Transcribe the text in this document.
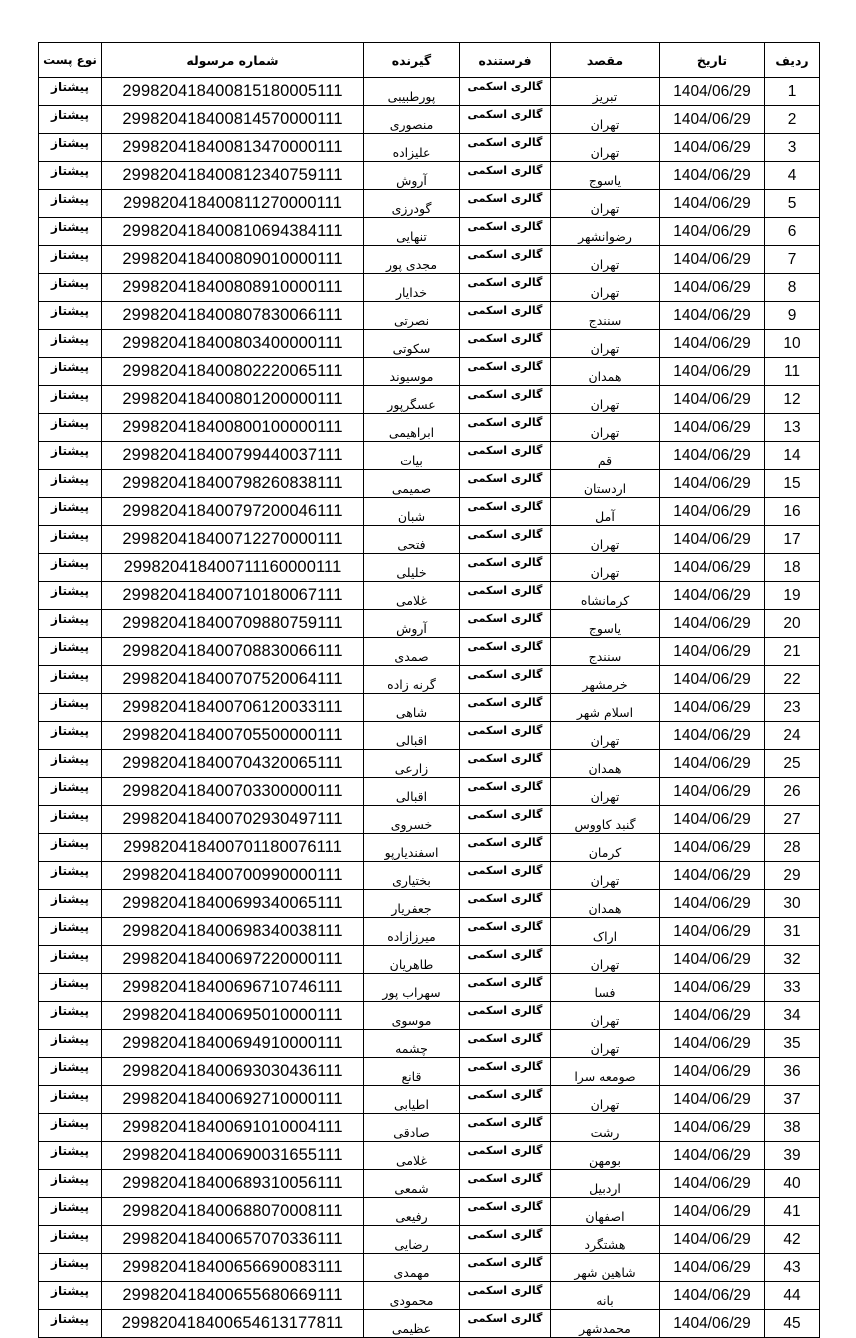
نوع پست	شماره مرسوله	گیرنده	فرستنده	مقصد	تاریخ	ردیف
پیشتاز	299820418400815180005111	پورطبیبی	گالری اسکمی	تبریز	1404/06/29	1
پیشتاز	299820418400814570000111	منصوری	گالری اسکمی	تهران	1404/06/29	2
پیشتاز	299820418400813470000111	علیزاده	گالری اسکمی	تهران	1404/06/29	3
پیشتاز	299820418400812340759111	آروش	گالری اسکمی	یاسوج	1404/06/29	4
پیشتاز	299820418400811270000111	گودرزی	گالری اسکمی	تهران	1404/06/29	5
پیشتاز	299820418400810694384111	تنهایی	گالری اسکمی	رضوانشهر	1404/06/29	6
پیشتاز	299820418400809010000111	مجدی پور	گالری اسکمی	تهران	1404/06/29	7
پیشتاز	299820418400808910000111	خدایار	گالری اسکمی	تهران	1404/06/29	8
پیشتاز	299820418400807830066111	نصرتی	گالری اسکمی	سنندج	1404/06/29	9
پیشتاز	299820418400803400000111	سکوتی	گالری اسکمی	تهران	1404/06/29	10
پیشتاز	299820418400802220065111	موسیوند	گالری اسکمی	همدان	1404/06/29	11
پیشتاز	299820418400801200000111	عسگرپور	گالری اسکمی	تهران	1404/06/29	12
پیشتاز	299820418400800100000111	ابراهیمی	گالری اسکمی	تهران	1404/06/29	13
پیشتاز	299820418400799440037111	بیات	گالری اسکمی	قم	1404/06/29	14
پیشتاز	299820418400798260838111	صمیمی	گالری اسکمی	اردستان	1404/06/29	15
پیشتاز	299820418400797200046111	شبان	گالری اسکمی	آمل	1404/06/29	16
پیشتاز	299820418400712270000111	فتحی	گالری اسکمی	تهران	1404/06/29	17
پیشتاز	299820418400711160000111	خلیلی	گالری اسکمی	تهران	1404/06/29	18
پیشتاز	299820418400710180067111	غلامی	گالری اسکمی	کرمانشاه	1404/06/29	19
پیشتاز	299820418400709880759111	آروش	گالری اسکمی	یاسوج	1404/06/29	20
پیشتاز	299820418400708830066111	صمدی	گالری اسکمی	سنندج	1404/06/29	21
پیشتاز	299820418400707520064111	گرنه زاده	گالری اسکمی	خرمشهر	1404/06/29	22
پیشتاز	299820418400706120033111	شاهی	گالری اسکمی	اسلام شهر	1404/06/29	23
پیشتاز	299820418400705500000111	اقبالی	گالری اسکمی	تهران	1404/06/29	24
پیشتاز	299820418400704320065111	زارعی	گالری اسکمی	همدان	1404/06/29	25
پیشتاز	299820418400703300000111	اقبالی	گالری اسکمی	تهران	1404/06/29	26
پیشتاز	299820418400702930497111	خسروی	گالری اسکمی	گنبد کاووس	1404/06/29	27
پیشتاز	299820418400701180076111	اسفندیارپو	گالری اسکمی	کرمان	1404/06/29	28
پیشتاز	299820418400700990000111	بختیاری	گالری اسکمی	تهران	1404/06/29	29
پیشتاز	299820418400699340065111	جعفریار	گالری اسکمی	همدان	1404/06/29	30
پیشتاز	299820418400698340038111	میرزازاده	گالری اسکمی	اراک	1404/06/29	31
پیشتاز	299820418400697220000111	طاهریان	گالری اسکمی	تهران	1404/06/29	32
پیشتاز	299820418400696710746111	سهراب پور	گالری اسکمی	فسا	1404/06/29	33
پیشتاز	299820418400695010000111	موسوی	گالری اسکمی	تهران	1404/06/29	34
پیشتاز	299820418400694910000111	چشمه	گالری اسکمی	تهران	1404/06/29	35
پیشتاز	299820418400693030436111	قانع	گالری اسکمی	صومعه سرا	1404/06/29	36
پیشتاز	299820418400692710000111	اطیابی	گالری اسکمی	تهران	1404/06/29	37
پیشتاز	299820418400691010004111	صادقی	گالری اسکمی	رشت	1404/06/29	38
پیشتاز	299820418400690031655111	غلامی	گالری اسکمی	بومهن	1404/06/29	39
پیشتاز	299820418400689310056111	شمعی	گالری اسکمی	اردبیل	1404/06/29	40
پیشتاز	299820418400688070008111	رفیعی	گالری اسکمی	اصفهان	1404/06/29	41
پیشتاز	299820418400657070336111	رضایی	گالری اسکمی	هشتگرد	1404/06/29	42
پیشتاز	299820418400656690083111	مهمدی	گالری اسکمی	شاهین شهر	1404/06/29	43
پیشتاز	299820418400655680669111	محمودی	گالری اسکمی	بانه	1404/06/29	44
پیشتاز	299820418400654613177811	عظیمی	گالری اسکمی	محمدشهر	1404/06/29	45
